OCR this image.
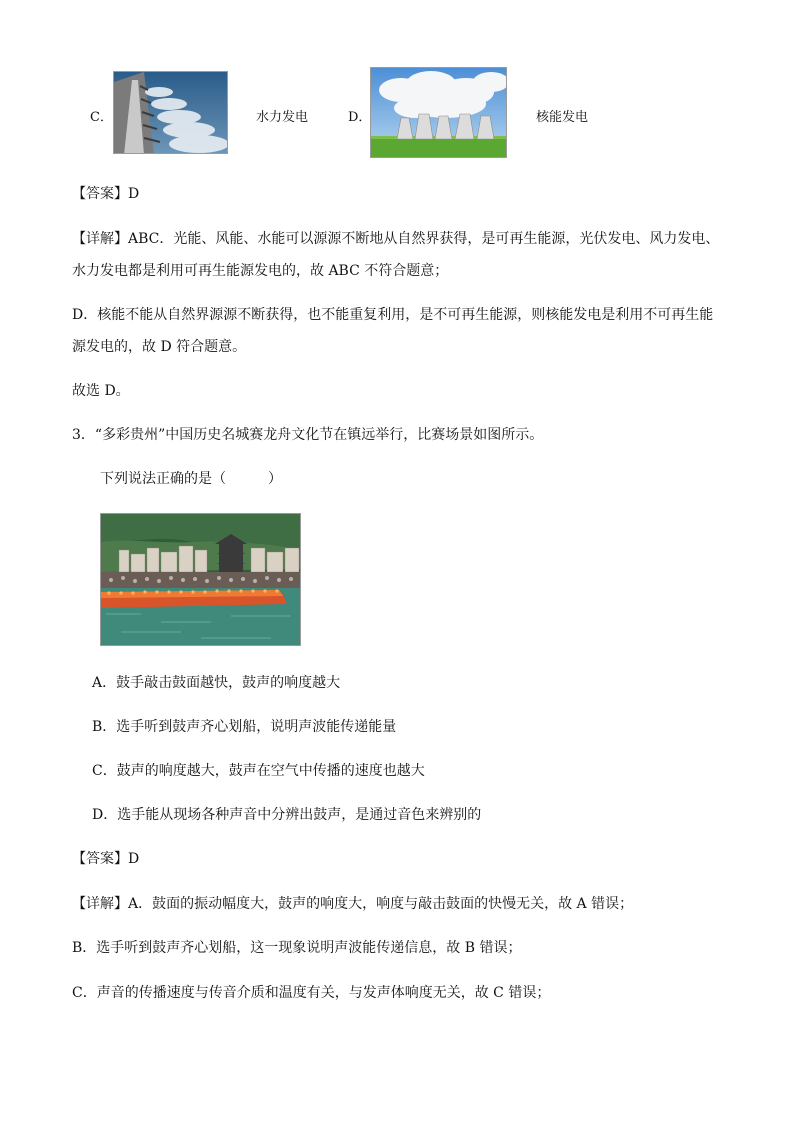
C．	水力发电	D．	核能发电
【答案】D
【详解】ABC．光能、风能、水能可以源源不断地从自然界获得，是可再生能源，光伏发电、风力发电、
水力发电都是利用可再生能源发电的，故 ABC 不符合题意；
D．核能不能从自然界源源不断获得，也不能重复利用，是不可再生能源，则核能发电是利用不可再生能
源发电的，故 D 符合题意。
故选 D。
3．“多彩贵州”中国历史名城赛龙舟文化节在镇远举行，比赛场景如图所示。
下列说法正确的是（　　　）
A．鼓手敲击鼓面越快，鼓声的响度越大
B．选手听到鼓声齐心划船，说明声波能传递能量
C．鼓声的响度越大，鼓声在空气中传播的速度也越大
D．选手能从现场各种声音中分辨出鼓声，是通过音色来辨别的
【答案】D
【详解】A．鼓面的振动幅度大，鼓声的响度大，响度与敲击鼓面的快慢无关，故 A 错误；
B．选手听到鼓声齐心划船，这一现象说明声波能传递信息，故 B 错误；
C．声音的传播速度与传音介质和温度有关，与发声体响度无关，故 C 错误；
